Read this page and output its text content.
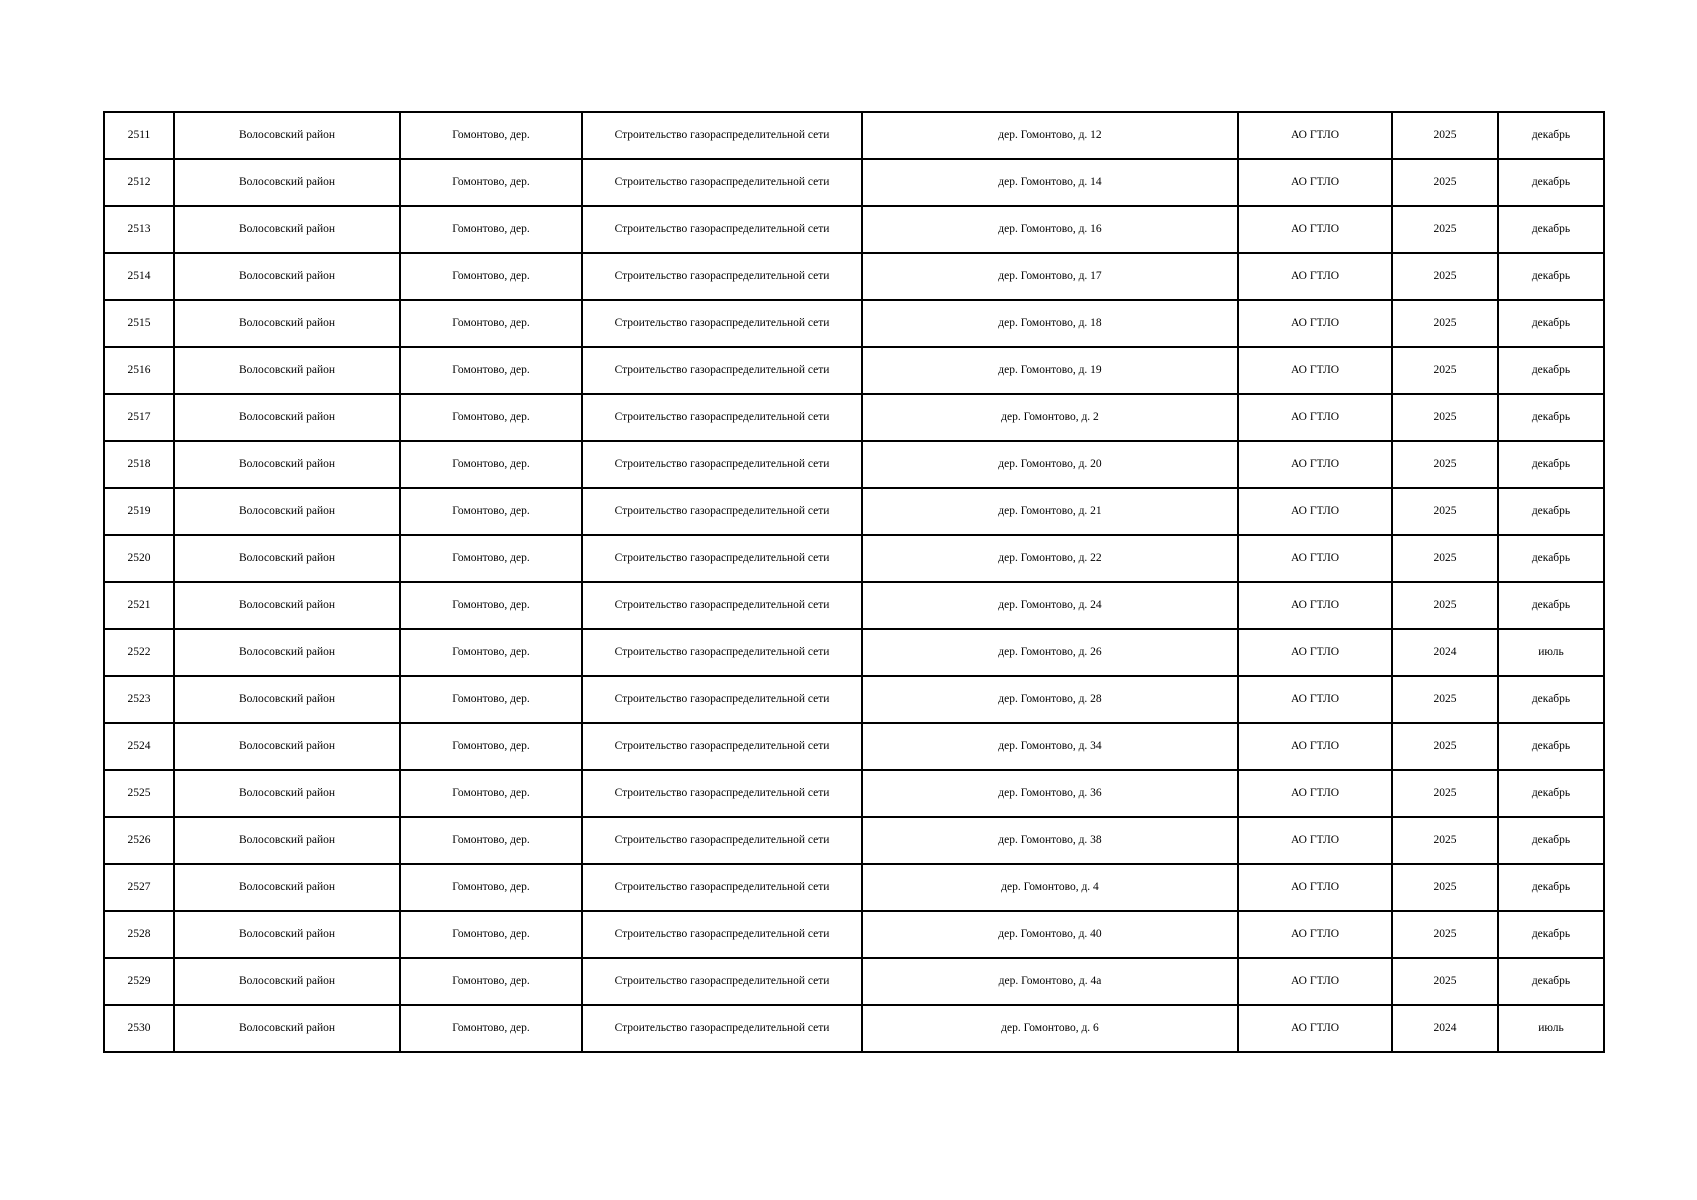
2511	Волосовский район	Гомонтово, дер.	Строительство газораспределительной сети	дер. Гомонтово, д. 12	АО ГТЛО	2025	декабрь
2512	Волосовский район	Гомонтово, дер.	Строительство газораспределительной сети	дер. Гомонтово, д. 14	АО ГТЛО	2025	декабрь
2513	Волосовский район	Гомонтово, дер.	Строительство газораспределительной сети	дер. Гомонтово, д. 16	АО ГТЛО	2025	декабрь
2514	Волосовский район	Гомонтово, дер.	Строительство газораспределительной сети	дер. Гомонтово, д. 17	АО ГТЛО	2025	декабрь
2515	Волосовский район	Гомонтово, дер.	Строительство газораспределительной сети	дер. Гомонтово, д. 18	АО ГТЛО	2025	декабрь
2516	Волосовский район	Гомонтово, дер.	Строительство газораспределительной сети	дер. Гомонтово, д. 19	АО ГТЛО	2025	декабрь
2517	Волосовский район	Гомонтово, дер.	Строительство газораспределительной сети	дер. Гомонтово, д. 2	АО ГТЛО	2025	декабрь
2518	Волосовский район	Гомонтово, дер.	Строительство газораспределительной сети	дер. Гомонтово, д. 20	АО ГТЛО	2025	декабрь
2519	Волосовский район	Гомонтово, дер.	Строительство газораспределительной сети	дер. Гомонтово, д. 21	АО ГТЛО	2025	декабрь
2520	Волосовский район	Гомонтово, дер.	Строительство газораспределительной сети	дер. Гомонтово, д. 22	АО ГТЛО	2025	декабрь
2521	Волосовский район	Гомонтово, дер.	Строительство газораспределительной сети	дер. Гомонтово, д. 24	АО ГТЛО	2025	декабрь
2522	Волосовский район	Гомонтово, дер.	Строительство газораспределительной сети	дер. Гомонтово, д. 26	АО ГТЛО	2024	июль
2523	Волосовский район	Гомонтово, дер.	Строительство газораспределительной сети	дер. Гомонтово, д. 28	АО ГТЛО	2025	декабрь
2524	Волосовский район	Гомонтово, дер.	Строительство газораспределительной сети	дер. Гомонтово, д. 34	АО ГТЛО	2025	декабрь
2525	Волосовский район	Гомонтово, дер.	Строительство газораспределительной сети	дер. Гомонтово, д. 36	АО ГТЛО	2025	декабрь
2526	Волосовский район	Гомонтово, дер.	Строительство газораспределительной сети	дер. Гомонтово, д. 38	АО ГТЛО	2025	декабрь
2527	Волосовский район	Гомонтово, дер.	Строительство газораспределительной сети	дер. Гомонтово, д. 4	АО ГТЛО	2025	декабрь
2528	Волосовский район	Гомонтово, дер.	Строительство газораспределительной сети	дер. Гомонтово, д. 40	АО ГТЛО	2025	декабрь
2529	Волосовский район	Гомонтово, дер.	Строительство газораспределительной сети	дер. Гомонтово, д. 4а	АО ГТЛО	2025	декабрь
2530	Волосовский район	Гомонтово, дер.	Строительство газораспределительной сети	дер. Гомонтово, д. 6	АО ГТЛО	2024	июль
